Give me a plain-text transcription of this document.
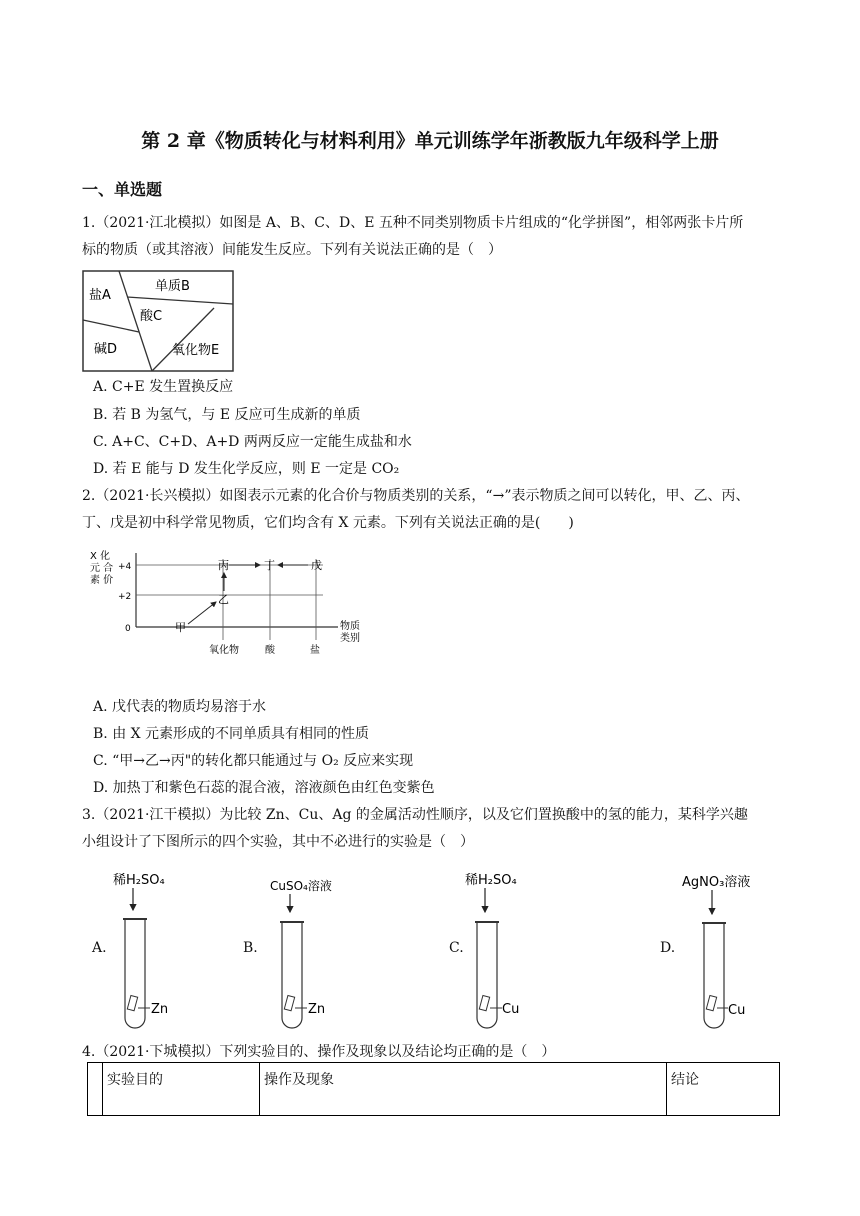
第 2 章《物质转化与材料利用》单元训练学年浙教版九年级科学上册
一、单选题
1.（2021·江北模拟）如图是 A、B、C、D、E 五种不同类别物质卡片组成的“化学拼图”，相邻两张卡片所
标的物质（或其溶液）间能发生反应。下列有关说法正确的是（　）
盐A
单质B
酸C
碱D	氧化物E
A. C+E 发生置换反应
B. 若 B 为氢气，与 E 反应可生成新的单质
C. A+C、C+D、A+D 两两反应一定能生成盐和水
D. 若 E 能与 D 发生化学反应，则 E 一定是 CO₂
2.（2021·长兴模拟）如图表示元素的化合价与物质类别的关系，“→”表示物质之间可以转化，甲、乙、丙、
丁、戊是初中科学常见物质，它们均含有 X 元素。下列有关说法正确的是(　　)
X 化
元 合
素 价
+4
+2
0
氧化物	酸	盐
物质
类别
甲
乙
丙	丁	戊
A. 戊代表的物质均易溶于水
B. 由 X 元素形成的不同单质具有相同的性质
C. “甲→乙→丙"的转化都只能通过与 O₂ 反应来实现
D. 加热丁和紫色石蕊的混合液，溶液颜色由红色变紫色
3.（2021·江干模拟）为比较 Zn、Cu、Ag 的金属活动性顺序，以及它们置换酸中的氢的能力，某科学兴趣
小组设计了下图所示的四个实验，其中不必进行的实验是（　）
A.
稀H₂SO₄
Zn
B.
CuSO₄溶液
Zn
C.
稀H₂SO₄
Cu
D.
AgNO₃溶液
Cu
4.（2021·下城模拟）下列实验目的、操作及现象以及结论均正确的是（　）
	实验目的	操作及现象	结论
